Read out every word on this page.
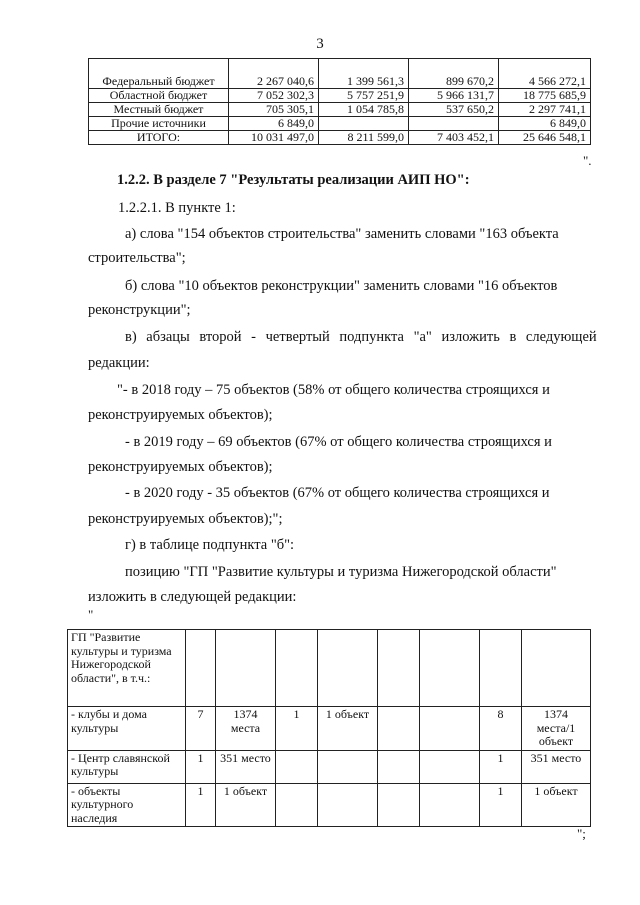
3
Федеральный бюджет	2 267 040,6	1 399 561,3	899 670,2	4 566 272,1
Областной бюджет	7 052 302,3	5 757 251,9	5 966 131,7	18 775 685,9
Местный бюджет	705 305,1	1 054 785,8	537 650,2	2 297 741,1
Прочие источники	6 849,0			6 849,0
ИТОГО:	10 031 497,0	8 211 599,0	7 403 452,1	25 646 548,1
".
1.2.2. В разделе 7 "Результаты реализации АИП НО":
1.2.2.1. В пункте 1:
а) слова "154 объектов строительства" заменить словами "163 объекта
строительства";
б) слова "10 объектов реконструкции" заменить словами "16 объектов
реконструкции";
в) абзацы второй - четвертый подпункта "а" изложить в следующей
редакции:
"- в 2018 году – 75 объектов (58% от общего количества строящихся и
реконструируемых объектов);
- в 2019 году – 69 объектов (67% от общего количества строящихся и
реконструируемых объектов);
- в 2020 году - 35 объектов (67% от общего количества строящихся и
реконструируемых объектов);";
г) в таблице подпункта "б":
позицию "ГП "Развитие культуры и туризма Нижегородской области"
изложить в следующей редакции:
"
ГП "Развитие культуры и туризма Нижегородской области", в т.ч.:								
- клубы и дома культуры	7	1374 места	1	1 объект			8	1374 места/1 объект
- Центр славянской культуры	1	351 место					1	351 место
- объекты культурного наследия	1	1 объект					1	1 объект
";
